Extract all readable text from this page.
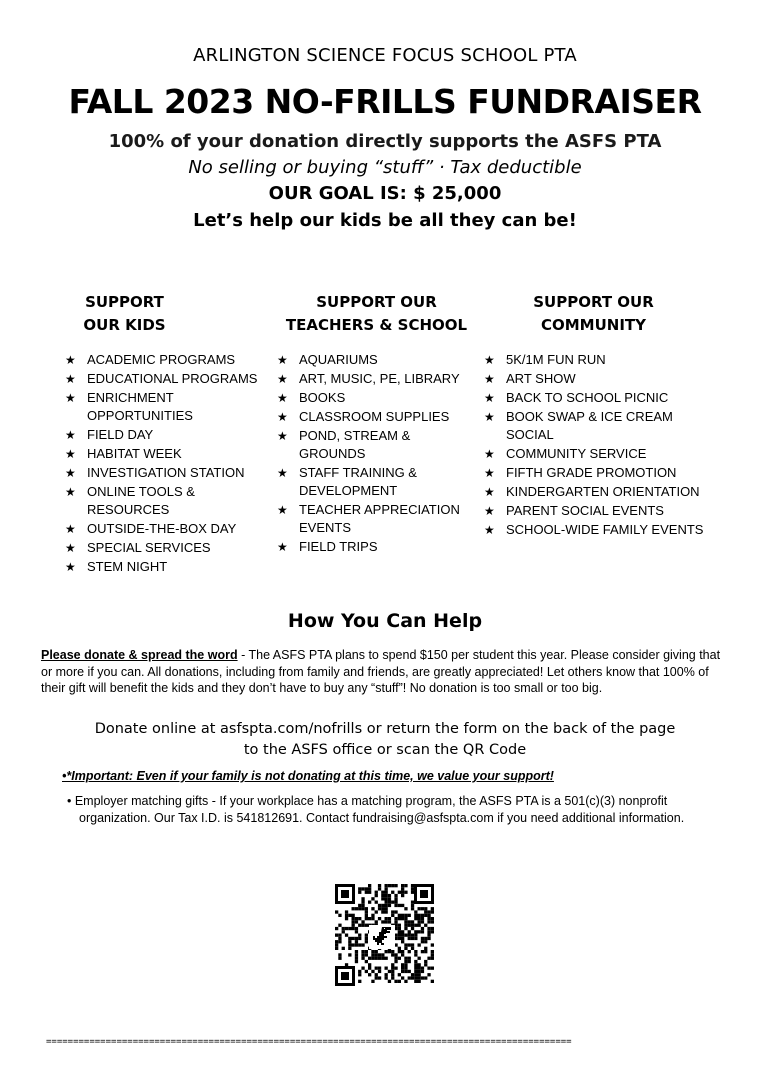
ARLINGTON SCIENCE FOCUS SCHOOL PTA
FALL 2023 NO-FRILLS FUNDRAISER
100% of your donation directly supports the ASFS PTA
No selling or buying “stuff” · Tax deductible
OUR GOAL IS: $ 25,000
Let’s help our kids be all they can be!
SUPPORT
OUR KIDS
★ ACADEMIC PROGRAMS
★ EDUCATIONAL PROGRAMS
★ ENRICHMENT OPPORTUNITIES
★ FIELD DAY
★ HABITAT WEEK
★ INVESTIGATION STATION
★ ONLINE TOOLS & RESOURCES
★ OUTSIDE-THE-BOX DAY
★ SPECIAL SERVICES
★ STEM NIGHT
SUPPORT OUR
TEACHERS & SCHOOL
★ AQUARIUMS
★ ART, MUSIC, PE, LIBRARY
★ BOOKS
★ CLASSROOM SUPPLIES
★ POND, STREAM & GROUNDS
★ STAFF TRAINING & DEVELOPMENT
★ TEACHER APPRECIATION EVENTS
★ FIELD TRIPS
SUPPORT OUR
COMMUNITY
★ 5K/1M FUN RUN
★ ART SHOW
★ BACK TO SCHOOL PICNIC
★ BOOK SWAP & ICE CREAM SOCIAL
★ COMMUNITY SERVICE
★ FIFTH GRADE PROMOTION
★ KINDERGARTEN ORIENTATION
★ PARENT SOCIAL EVENTS
★ SCHOOL-WIDE FAMILY EVENTS
How You Can Help
Please donate & spread the word - The ASFS PTA plans to spend $150 per student this year. Please consider giving that or more if you can. All donations, including from family and friends, are greatly appreciated! Let others know that 100% of their gift will benefit the kids and they don’t have to buy any “stuff”! No donation is too small or too big.
Donate online at asfspta.com/nofrills or return the form on the back of the page
to the ASFS office or scan the QR Code
•*Important: Even if your family is not donating at this time, we value your support!
• Employer matching gifts - If your workplace has a matching program, the ASFS PTA is a 501(c)(3) nonprofit organization. Our Tax I.D. is 541812691. Contact fundraising@asfspta.com if you need additional information.
=================================================================================================
